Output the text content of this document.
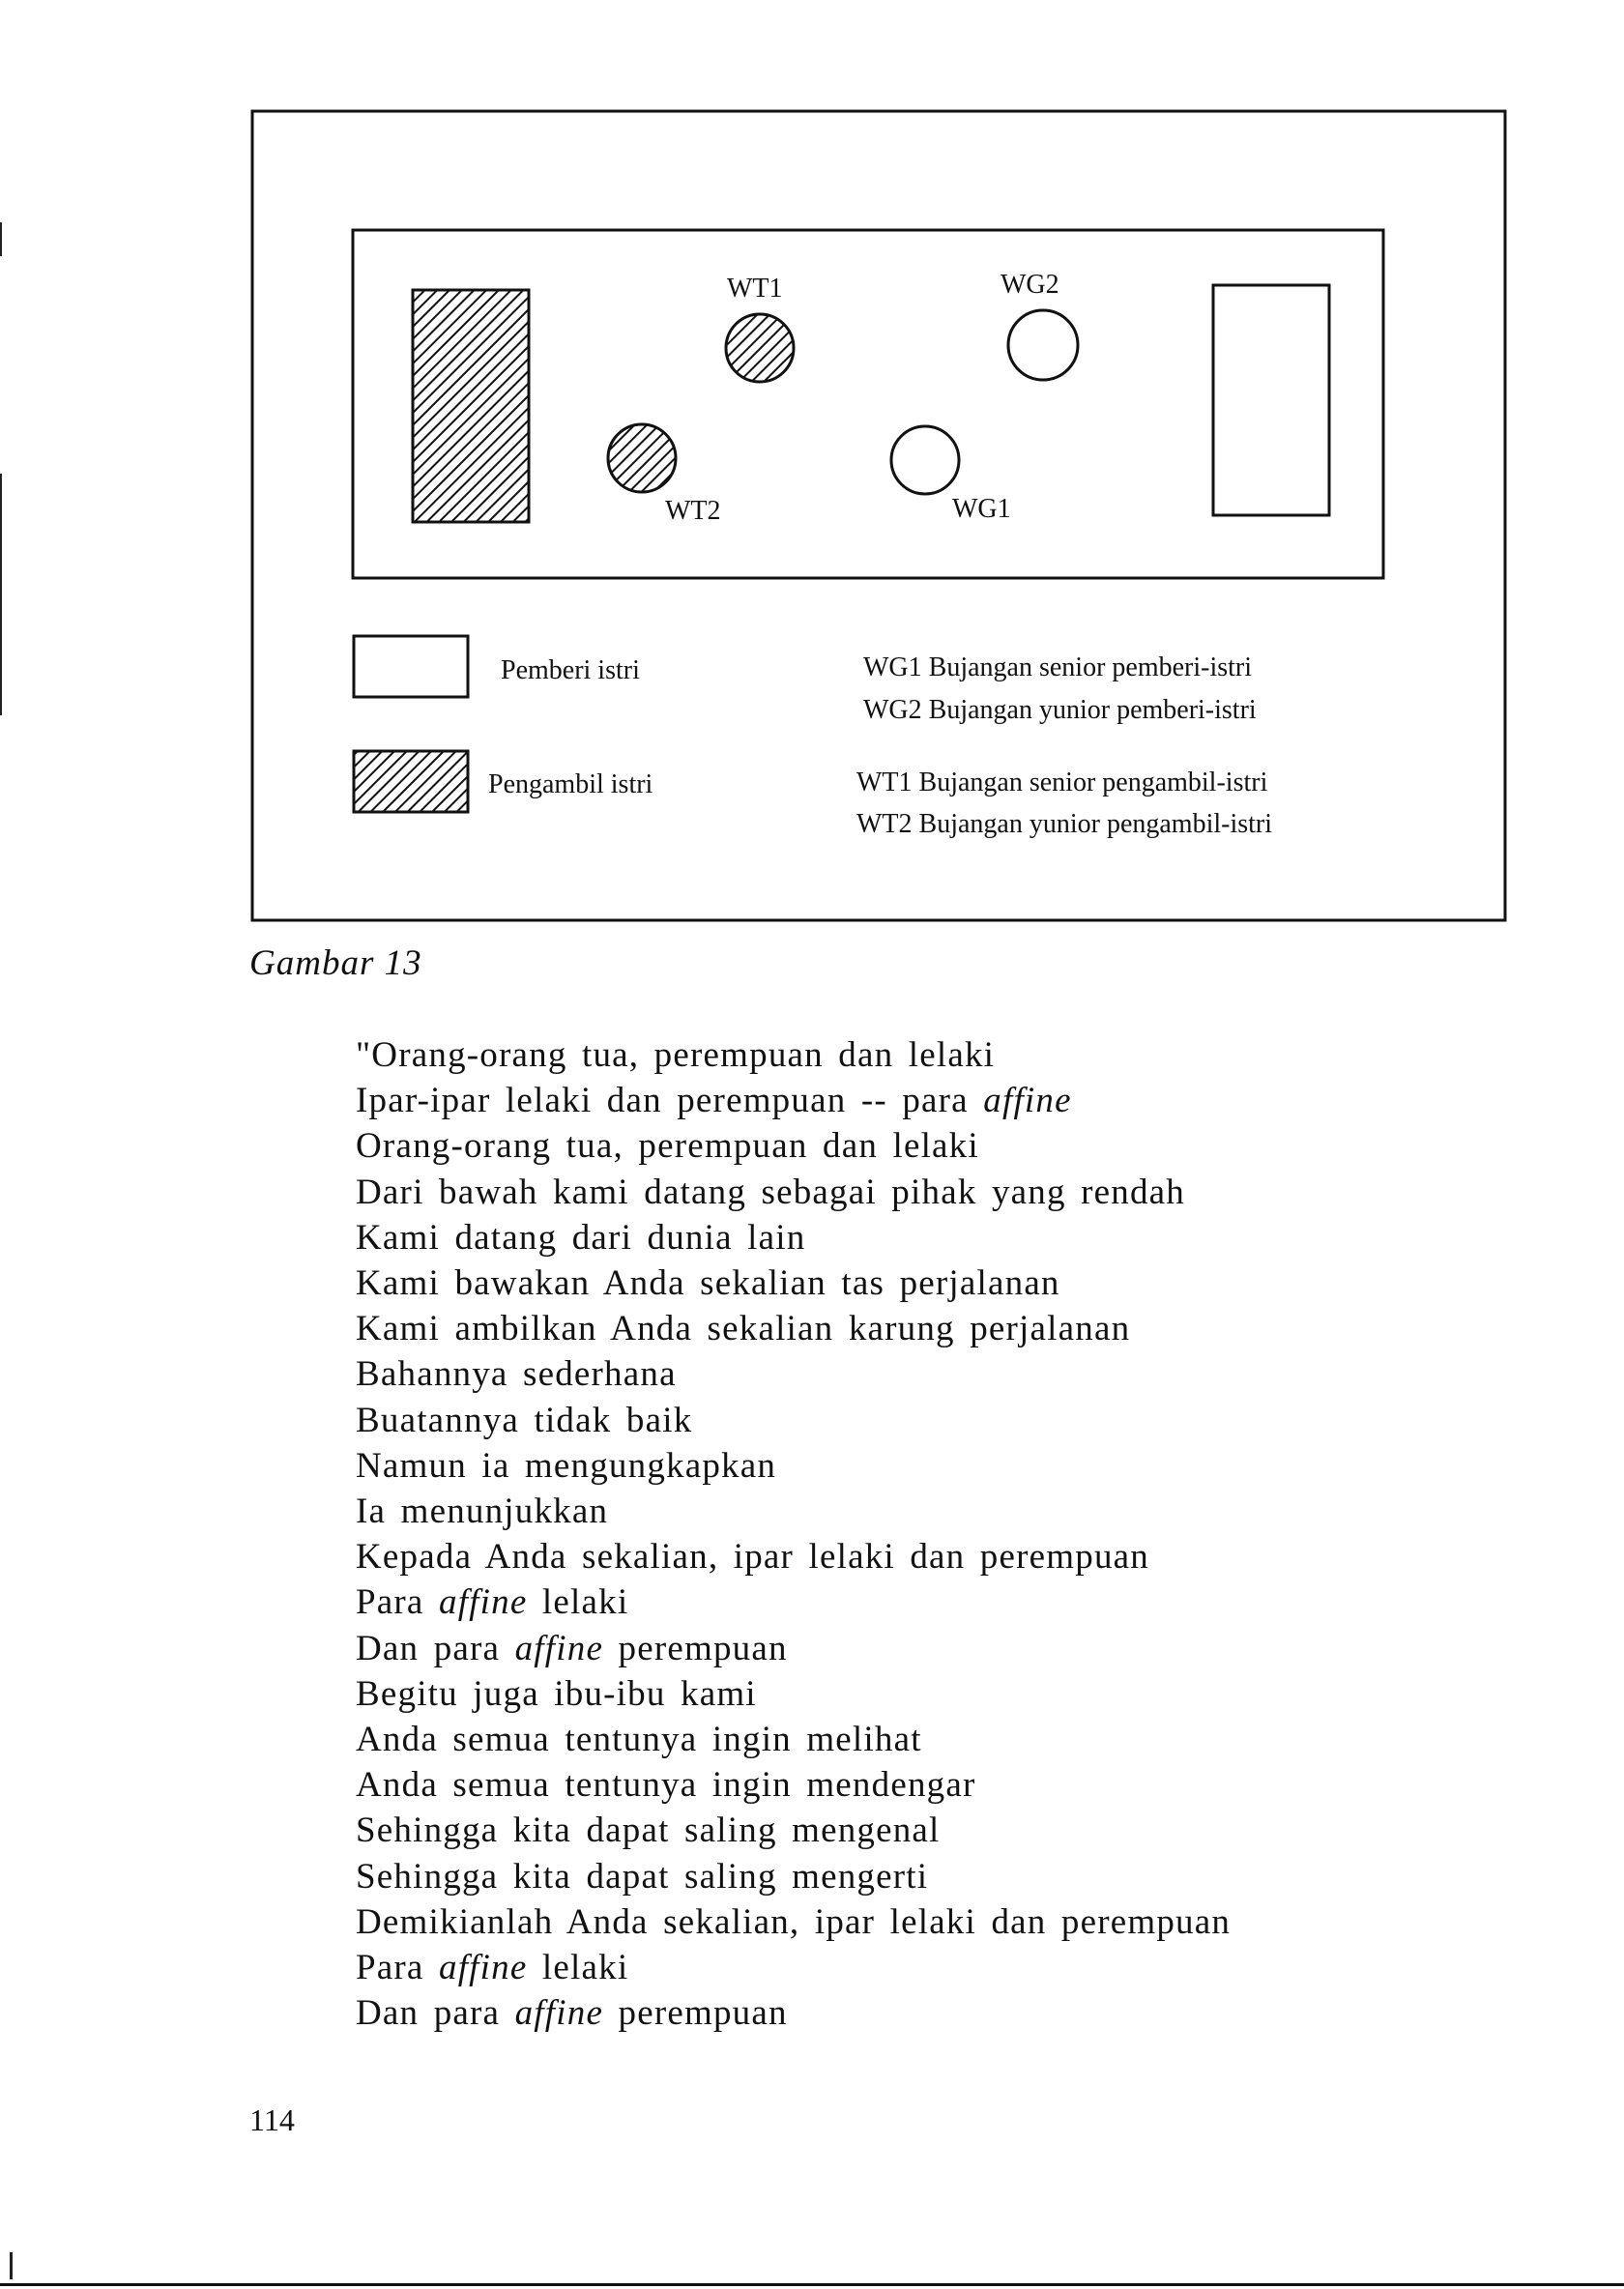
WT1	WG2
WT2	WG1
Pemberi istri
Pengambil istri
WG1 Bujangan senior pemberi-istri
WG2 Bujangan yunior pemberi-istri
WT1 Bujangan senior pengambil-istri
WT2 Bujangan yunior pengambil-istri
Gambar 13
"Orang-orang tua, perempuan dan lelaki
Ipar-ipar lelaki dan perempuan -- para affine
Orang-orang tua, perempuan dan lelaki
Dari bawah kami datang sebagai pihak yang rendah
Kami datang dari dunia lain
Kami bawakan Anda sekalian tas perjalanan
Kami ambilkan Anda sekalian karung perjalanan
Bahannya sederhana
Buatannya tidak baik
Namun ia mengungkapkan
Ia menunjukkan
Kepada Anda sekalian, ipar lelaki dan perempuan
Para affine lelaki
Dan para affine perempuan
Begitu juga ibu-ibu kami
Anda semua tentunya ingin melihat
Anda semua tentunya ingin mendengar
Sehingga kita dapat saling mengenal
Sehingga kita dapat saling mengerti
Demikianlah Anda sekalian, ipar lelaki dan perempuan
Para affine lelaki
Dan para affine perempuan
114
